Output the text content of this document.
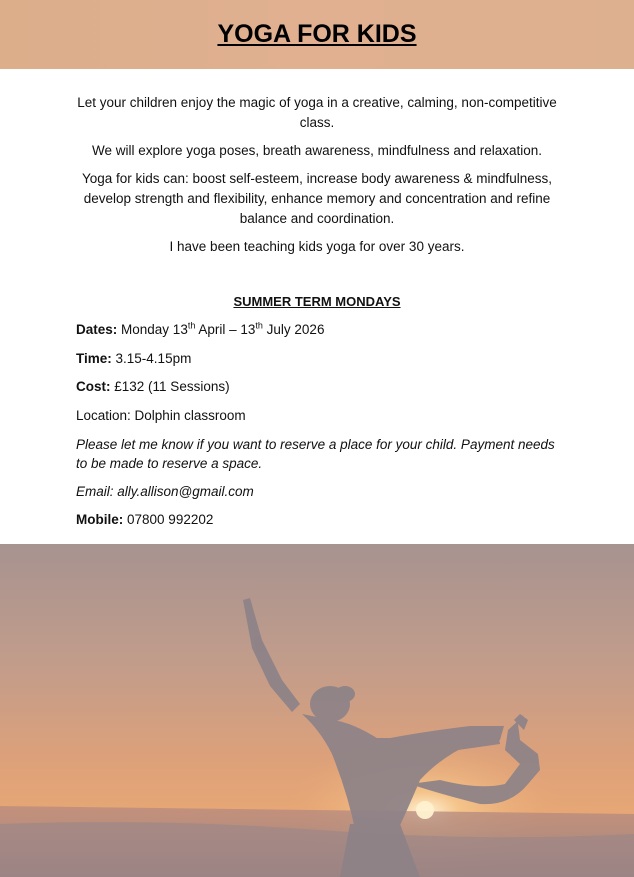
YOGA FOR KIDS

Let your children enjoy the magic of yoga in a creative, calming, non-competitive class.

We will explore yoga poses, breath awareness, mindfulness and relaxation.

Yoga for kids can: boost self-esteem, increase body awareness & mindfulness, develop strength and flexibility, enhance memory and concentration and refine balance and coordination.

I have been teaching kids yoga for over 30 years.

SUMMER TERM MONDAYS
Dates: Monday 13th April – 13th July 2026
Time: 3.15-4.15pm
Cost: £132 (11 Sessions)
Location: Dolphin classroom
Please let me know if you want to reserve a place for your child. Payment needs to be made to reserve a space.
Email: ally.allison@gmail.com
Mobile: 07800 992202
